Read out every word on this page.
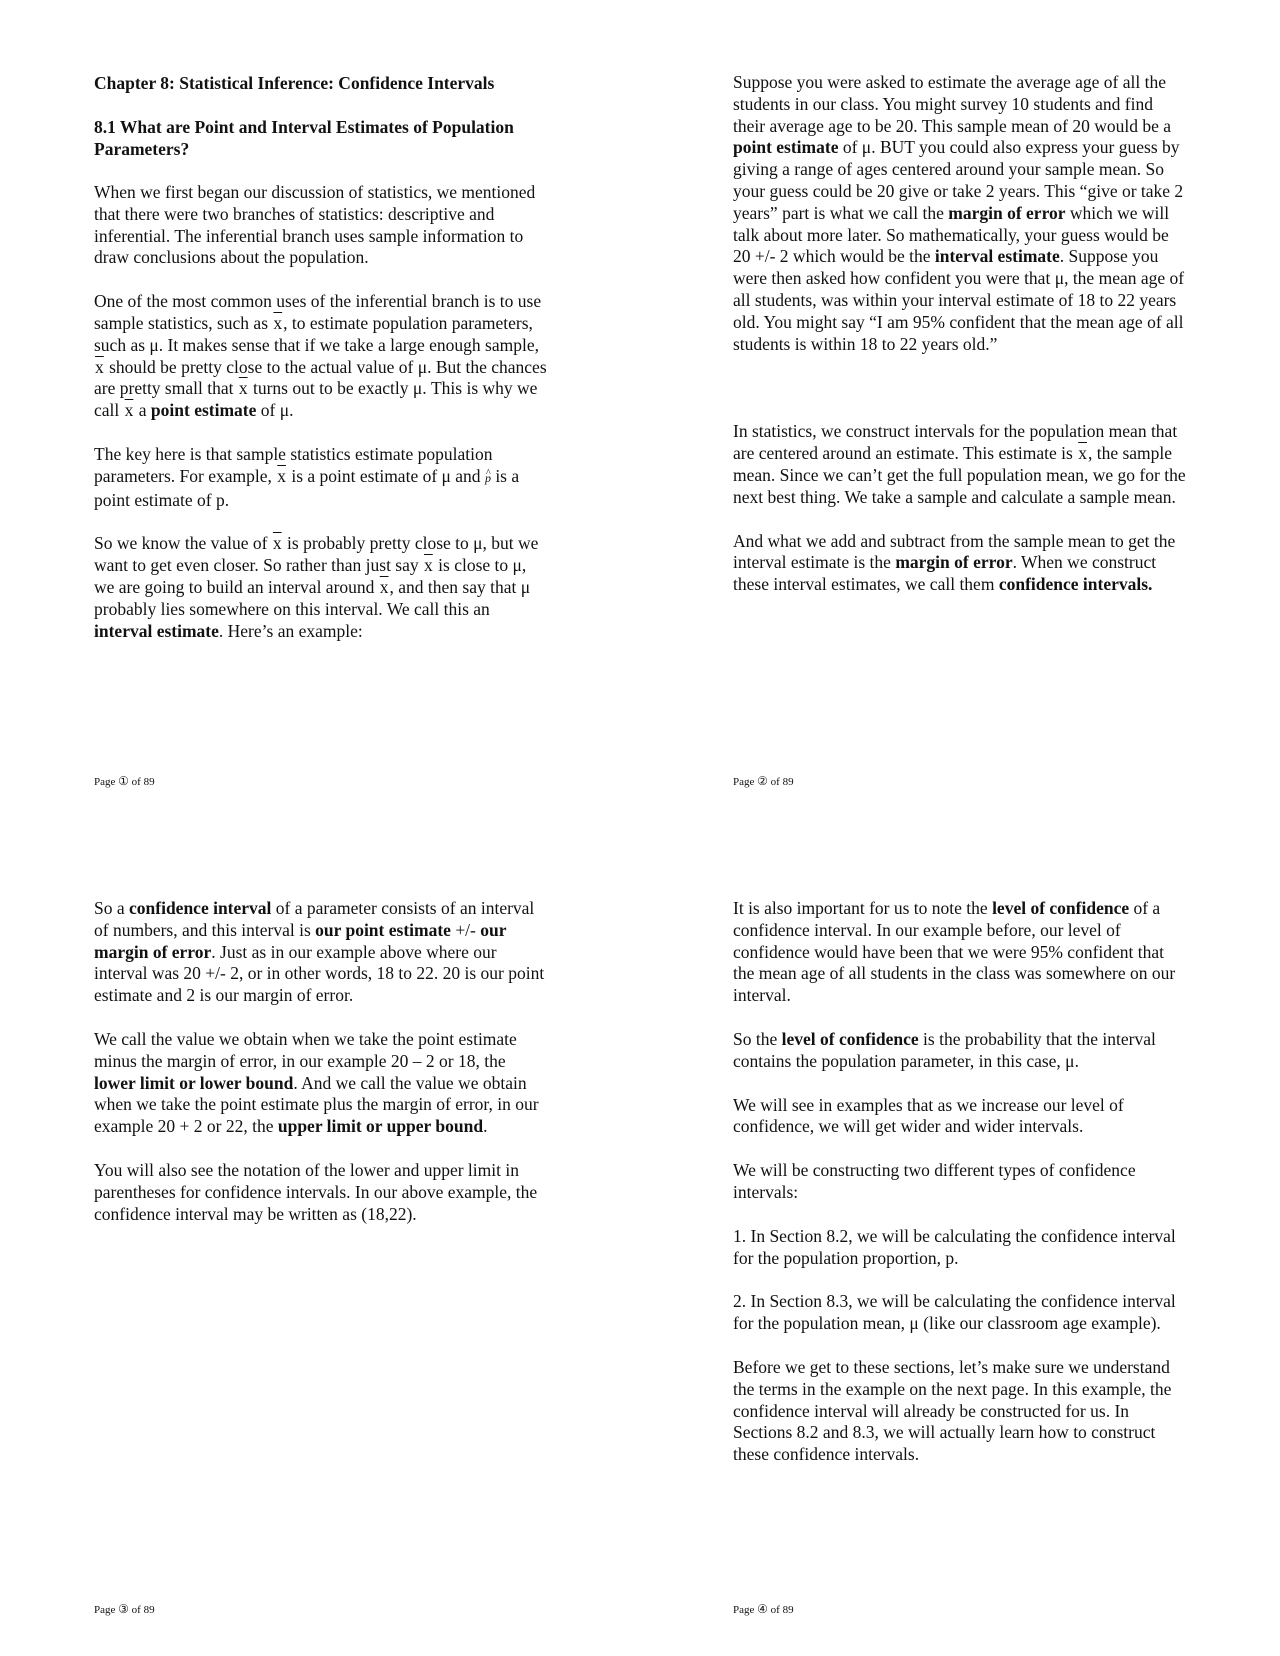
Chapter 8: Statistical Inference: Confidence Intervals
8.1 What are Point and Interval Estimates of Population Parameters?

When we first began our discussion of statistics, we mentioned that there were two branches of statistics: descriptive and inferential. The inferential branch uses sample information to draw conclusions about the population.

One of the most common uses of the inferential branch is to use sample statistics, such as $\overline{x}$, to estimate population parameters, such as μ. It makes sense that if we take a large enough sample, $\overline{x}$ should be pretty close to the actual value of μ. But the chances are pretty small that $\overline{x}$ turns out to be exactly μ. This is why we call $\overline{x}$ a point estimate of μ.

The key here is that sample statistics estimate population parameters. For example, $\overline{x}$ is a point estimate of μ and ^ p is a point estimate of p.

So we know the value of $\overline{x}$ is probably pretty close to μ, but we want to get even closer. So rather than just say $\overline{x}$ is close to μ, we are going to build an interval around $\overline{x}$, and then say that μ probably lies somewhere on this interval. We call this an interval estimate. Here’s an example:

Page ① of 89

Suppose you were asked to estimate the average age of all the students in our class. You might survey 10 students and find their average age to be 20. This sample mean of 20 would be a point estimate of μ. BUT you could also express your guess by giving a range of ages centered around your sample mean. So your guess could be 20 give or take 2 years. This “give or take 2 years” part is what we call the margin of error which we will talk about more later. So mathematically, your guess would be 20 +/- 2 which would be the interval estimate. Suppose you were then asked how confident you were that μ, the mean age of all students, was within your interval estimate of 18 to 22 years old. You might say “I am 95% confident that the mean age of all students is within 18 to 22 years old.”

In statistics, we construct intervals for the population mean that are centered around an estimate. This estimate is $\overline{x}$, the sample mean. Since we can’t get the full population mean, we go for the next best thing. We take a sample and calculate a sample mean.

And what we add and subtract from the sample mean to get the interval estimate is the margin of error. When we construct these interval estimates, we call them confidence intervals.

Page ② of 89

So a confidence interval of a parameter consists of an interval of numbers, and this interval is our point estimate +/- our margin of error. Just as in our example above where our interval was 20 +/- 2, or in other words, 18 to 22. 20 is our point estimate and 2 is our margin of error.

We call the value we obtain when we take the point estimate minus the margin of error, in our example 20 – 2 or 18, the lower limit or lower bound. And we call the value we obtain when we take the point estimate plus the margin of error, in our example 20 + 2 or 22, the upper limit or upper bound.

You will also see the notation of the lower and upper limit in parentheses for confidence intervals. In our above example, the confidence interval may be written as (18,22).

Page ③ of 89

It is also important for us to note the level of confidence of a confidence interval. In our example before, our level of confidence would have been that we were 95% confident that the mean age of all students in the class was somewhere on our interval.

So the level of confidence is the probability that the interval contains the population parameter, in this case, μ.

We will see in examples that as we increase our level of confidence, we will get wider and wider intervals.

We will be constructing two different types of confidence intervals:

1. In Section 8.2, we will be calculating the confidence interval for the population proportion, p.

2. In Section 8.3, we will be calculating the confidence interval for the population mean, μ (like our classroom age example).

Before we get to these sections, let’s make sure we understand the terms in the example on the next page. In this example, the confidence interval will already be constructed for us. In Sections 8.2 and 8.3, we will actually learn how to construct these confidence intervals.

Page ④ of 89
